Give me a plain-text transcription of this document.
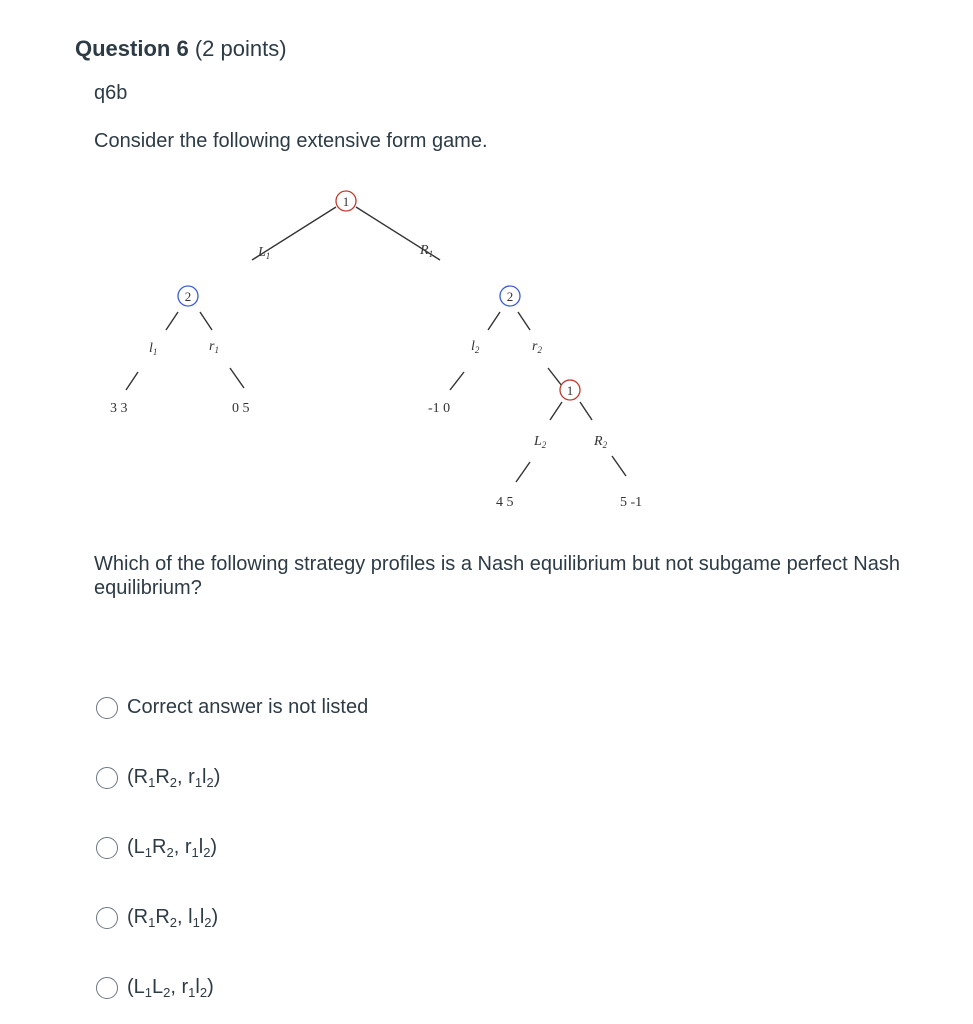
Question 6 (2 points)
q6b
Consider the following extensive form game.
1
2	2
1
$L_1$	$R_1$
$l_1$	$r_1$	$l_2$	$r_2$
$L_2$	$R_2$
3 3	0 5	-1 0
4 5	5 -1
Which of the following strategy profiles is a Nash equilibrium but not subgame perfect Nash equilibrium?
Correct answer is not listed
($R_1R_2$, $r_1l_2$)
($L_1R_2$, $r_1l_2$)
($R_1R_2$, $l_1l_2$)
($L_1L_2$, $r_1l_2$)
